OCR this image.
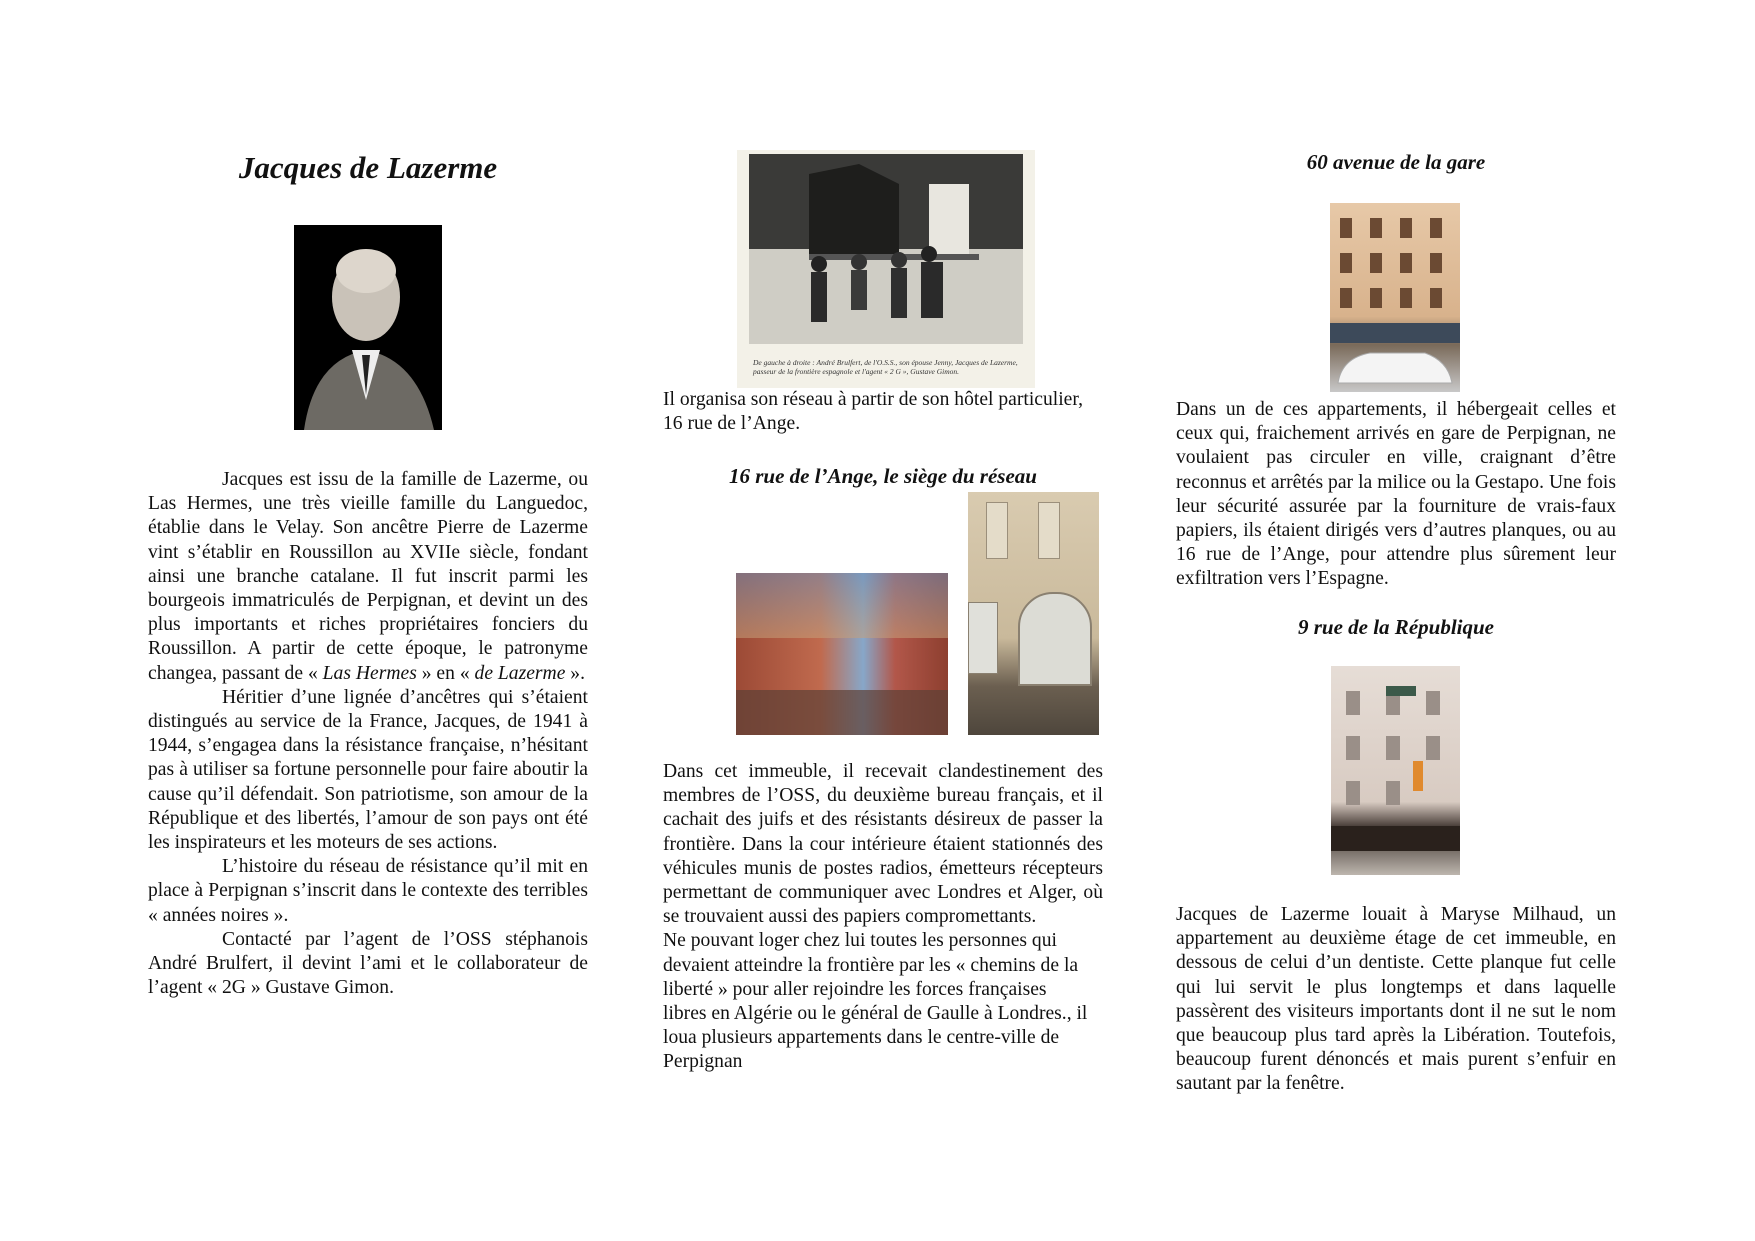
Jacques de Lazerme

Jacques est issu de la famille de Lazerme, ou Las Hermes, une très vieille famille du Languedoc, établie dans le Velay. Son ancêtre Pierre de Lazerme vint s’établir en Roussillon au XVIIe siècle, fondant ainsi une branche catalane. Il fut inscrit parmi les bourgeois immatriculés de Perpignan, et devint un des plus importants et riches propriétaires fonciers du Roussillon. A partir de cette époque, le patronyme changea, passant de « Las Hermes » en « de Lazerme ».

Héritier d’une lignée d’ancêtres qui s’étaient distingués au service de la France, Jacques, de 1941 à 1944, s’engagea dans la résistance française, n’hésitant pas à utiliser sa fortune personnelle pour faire aboutir la cause qu’il défendait. Son patriotisme, son amour de la République et des libertés, l’amour de son pays ont été les inspirateurs et les moteurs de ses actions.

L’histoire du réseau de résistance qu’il mit en place à Perpignan s’inscrit dans le contexte des terribles « années noires ».

Contacté par l’agent de l’OSS stéphanois André Brulfert, il devint l’ami et le collaborateur de l’agent « 2G » Gustave Gimon.

De gauche à droite : André Brulfert, de l'O.S.S., son épouse Jenny, Jacques de Lazerme, passeur de la frontière espagnole et l'agent « 2 G », Gustave Gimon.
Il organisa son réseau à partir de son hôtel particulier, 16 rue de l’Ange.
16 rue de l’Ange, le siège du réseau

Dans cet immeuble, il recevait clandestinement des membres de l’OSS, du deuxième bureau français, et il cachait des juifs et des résistants désireux de passer la frontière. Dans la cour intérieure étaient stationnés des véhicules munis de postes radios, émetteurs récepteurs permettant de communiquer avec Londres et Alger, où se trouvaient aussi des papiers compromettants.

Ne pouvant loger chez lui toutes les personnes qui devaient atteindre la frontière par les « chemins de la liberté » pour aller rejoindre les forces françaises libres en Algérie ou le général de Gaulle à Londres., il loua plusieurs appartements dans le centre-ville de Perpignan

60 avenue de la gare
Dans un de ces appartements, il hébergeait celles et ceux qui, fraichement arrivés en gare de Perpignan, ne voulaient pas circuler en ville, craignant d’être reconnus et arrêtés par la milice ou la Gestapo. Une fois leur sécurité assurée par la fourniture de vrais-faux papiers, ils étaient dirigés vers d’autres planques, ou au 16 rue de l’Ange, pour attendre plus sûrement leur exfiltration vers l’Espagne.
9 rue de la République
Jacques de Lazerme louait à Maryse Milhaud, un appartement au deuxième étage de cet immeuble, en dessous de celui d’un dentiste. Cette planque fut celle qui lui servit le plus longtemps et dans laquelle passèrent des visiteurs importants dont il ne sut le nom que beaucoup plus tard après la Libération. Toutefois, beaucoup furent dénoncés et mais purent s’enfuir en sautant par la fenêtre.
